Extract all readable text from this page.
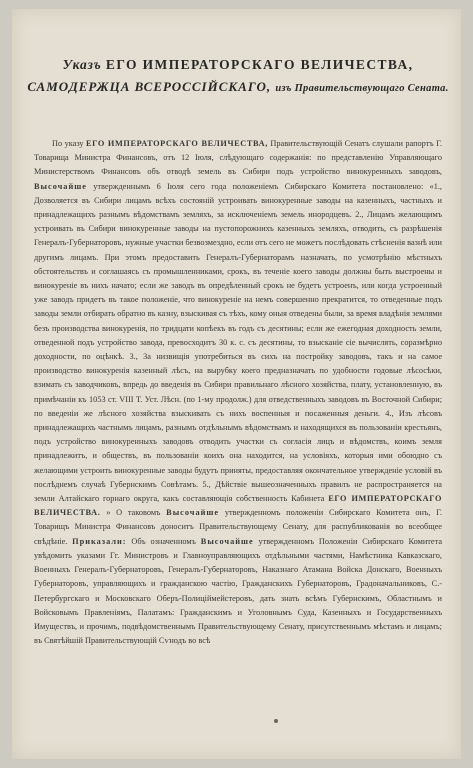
Указъ ЕГО ИМПЕРАТОРСКАГО ВЕЛИЧЕСТВА,
САМОДЕРЖЦА ВСЕРОССІЙСКАГО, изъ Правительствующаго Сената.

По указу ЕГО ИМПЕРАТОРСКАГО ВЕЛИЧЕСТВА, Правительствующій Сенатъ слушали рапортъ Г. Товарища Министра Финансовъ, отъ 12 Іюля, слѣдующаго содержанія: по представленію Управляющаго Министерствомъ Финансовъ объ отводѣ земель въ Сибири подъ устройство винокуренныхъ заводовъ, Высочайше утвержденнымъ 6 Іюля сего года положеніемъ Сибирскаго Комитета постановлено: «1., Дозволяется въ Сибири лицамъ всѣхъ состояній устроивать винокуренные заводы на казенныхъ, частныхъ и принадлежащихъ разнымъ вѣдомствамъ земляхъ, за исключеніемъ земель инородцевъ. 2., Лицамъ желающимъ устроивать въ Сибири винокуренные заводы на пустопорожнихъ казенныхъ земляхъ, отводить, съ разрѣшенія Генералъ-Губернаторовъ, нужные участки безвозмездно, если отъ сего не можетъ послѣдовать стѣсненія вазнѣ или другимъ лицамъ. При этомъ предоставить Генералъ-Губернаторамъ назначать, по усмотрѣнію мѣстныхъ обстоятельствъ и соглашаясь съ промышленниками, срокъ, въ теченіе коего заводы должны быть выстроены и винокуреніе въ нихъ начато; если же заводъ въ опредѣленный срокъ не будетъ устроенъ, или когда устроенный уже заводъ придетъ въ такое положеніе, что винокуреніе на немъ совершенно прекратится, то отведенные подъ заводы земли отбирать обратно въ казну, взыскивая съ тѣхъ, кому оныя отведены были, за время владѣнія землями безъ производства винокуренія, по тридцати копѣекъ въ годъ съ десятины; если же ежегодная доходность земли, отведенной подъ устройство завода, превосходитъ 30 к. с. съ десятины, то взысканіе сіе вычислять, соразмѣрно доходности, по оцѣнкѣ. 3., За низвищія употребиться въ сихъ на постройку заводовъ, такъ и на самое производство винокуренія казенный лѣсъ, на вырубку коего предназначать по удобности годовые лѣсосѣки, взимать съ заводчиковъ, впредь до введенія въ Сибири правильнаго лѣсного хозяйства, плату, установленную, въ примѣчаніи къ 1053 ст. VIII Т. Уст. Лѣсн. (по 1-му продолж.) для отведственныхъ заводовъ въ Восточной Сибири; по введеніи же лѣсного хозяйства взыскивать съ нихъ воспенныя и посаженныя деньги. 4., Изъ лѣсовъ принадлежащихъ частнымъ лицамъ, разнымъ отдѣльнымъ вѣдомствамъ и находящихся въ пользованіи крестьянъ, подъ устройство винокуренныхъ заводовъ отводить участки съ согласія лицъ и вѣдомствъ, коимъ земля принадлежитъ, и обществъ, въ пользованіи коихъ она находится, на условіяхъ, которыя ими обоюдно съ желающими устроить винокуренные заводы будутъ приняты, предоставляя окончательное утвержденіе условій въ послѣднемъ случаѣ Губернскимъ Совѣтамъ. 5., Дѣйствіе вышеозначенныхъ правилъ не распространяется на земли Алтайскаго горнаго округа, какъ составляющія собственность Кабинета ЕГО ИМПЕРАТОРСКАГО ВЕЛИЧЕСТВА. » О таковомъ Высочайше утвержденномъ положеніи Сибирскаго Комитета онъ, Г. Товарищъ Министра Финансовъ доноситъ Правительствующему Сенату, для распубликованія во всеобщее свѣдѣніе. Приказали: Объ означенномъ Высочайше утвержденномъ Положеніи Сибирскаго Комитета увѣдомить указами Гг. Министровъ и Главноуправляющихъ отдѣльными частями, Намѣстника Кавказскаго, Военныхъ Генералъ-Губернаторовъ, Генералъ-Губернаторовъ, Наказнаго Атамана Войска Донскаго, Военныхъ Губернаторовъ, управляющихъ и гражданскою частію, Гражданскихъ Губернаторовъ, Градоначальниковъ, С.-Петербургскаго и Московскаго Оберъ-Полиціймейстеровъ, дать знать всѣмъ Губернскимъ, Областнымъ и Войсковымъ Правленіямъ, Палатамъ: Гражданскимъ и Уголовнымъ Суда, Казенныхъ и Государственныхъ Имуществъ, и прочимъ, подвѣдомственнымъ Правительствующему Сенату, присутственнымъ мѣстамъ и лицамъ; въ Святѣйшій Правительствующій Сѵнодъ во всѣ
